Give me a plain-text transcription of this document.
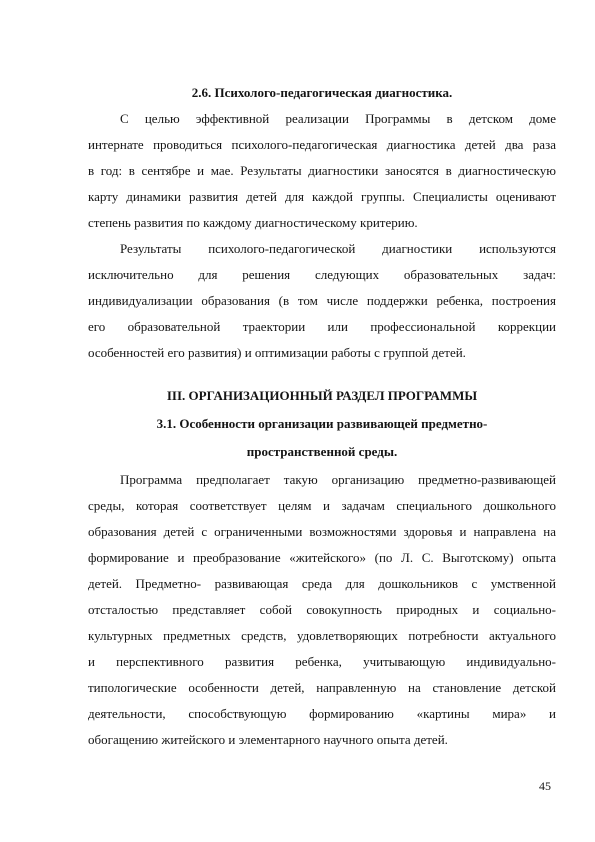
2.6. Психолого-педагогическая диагностика.
С целью эффективной реализации Программы в детском доме
интернате проводиться психолого-педагогическая диагностика детей два раза
в год: в сентябре и мае. Результаты диагностики заносятся в диагностическую
карту динамики развития детей для каждой группы. Специалисты оценивают
степень развития по каждому диагностическому критерию.
Результаты психолого-педагогической диагностики используются
исключительно для решения следующих образовательных задач:
индивидуализации образования (в том числе поддержки ребенка, построения
его образовательной траектории или профессиональной коррекции
особенностей его развития) и оптимизации работы с группой детей.
III. ОРГАНИЗАЦИОННЫЙ РАЗДЕЛ ПРОГРАММЫ
3.1. Особенности организации развивающей предметно-
пространственной среды.
Программа предполагает такую организацию предметно-развивающей
среды, которая соответствует целям и задачам специального дошкольного
образования детей с ограниченными возможностями здоровья и направлена на
формирование и преобразование «житейского» (по Л. С. Выготскому) опыта
детей. Предметно- развивающая среда для дошкольников с умственной
отсталостью представляет собой совокупность природных и социально-
культурных предметных средств, удовлетворяющих потребности актуального
и перспективного развития ребенка, учитывающую индивидуально-
типологические особенности детей, направленную на становление детской
деятельности, способствующую формированию «картины мира» и
обогащению житейского и элементарного научного опыта детей.
45
